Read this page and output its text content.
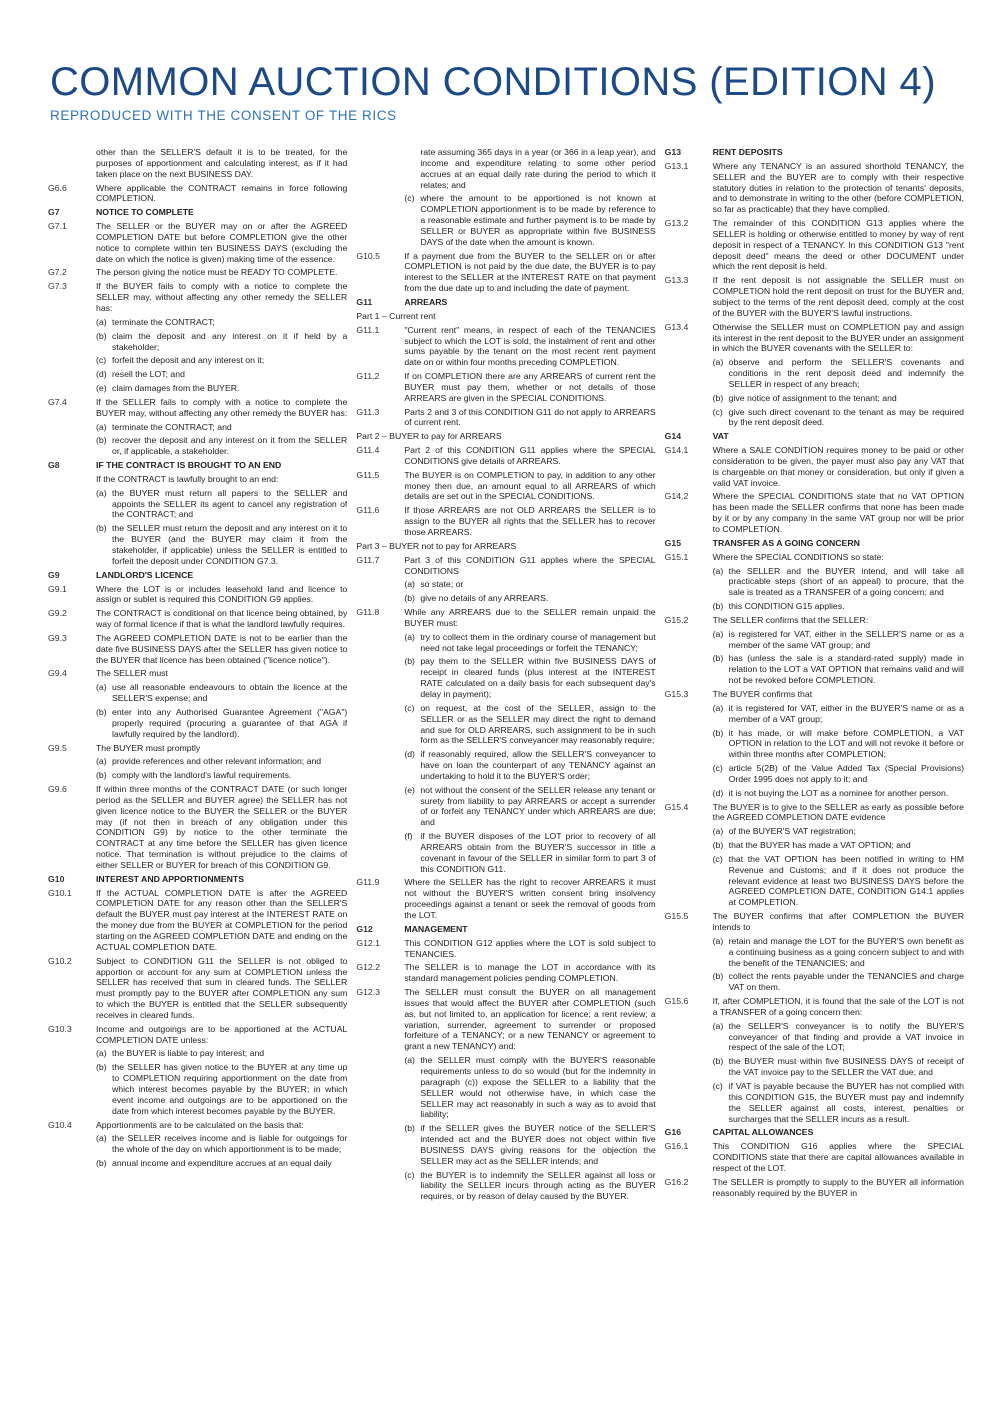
COMMON AUCTION CONDITIONS (EDITION 4)

REPRODUCED WITH THE CONSENT OF THE RICS

other than the SELLER'S default it is to be treated, for the purposes of apportionment and calculating interest, as if it had taken place on the next BUSINESS DAY.
G6.6	Where applicable the CONTRACT remains in force following COMPLETION.
G7	NOTICE TO COMPLETE
G7.1	The SELLER or the BUYER may on or after the AGREED COMPLETION DATE but before COMPLETION give the other notice to complete within ten BUSINESS DAYS (excluding the date on which the notice is given) making time of the essence.
G7.2	The person giving the notice must be READY TO COMPLETE.
G7.3	If the BUYER fails to comply with a notice to complete the SELLER may, without affecting any other remedy the SELLER has:
(a) terminate the CONTRACT;
(b) claim the deposit and any interest on it if held by a stakeholder;
(c) forfeit the deposit and any interest on it;
(d) resell the LOT; and
(e) claim damages from the BUYER.
G7.4	If the SELLER fails to comply with a notice to complete the BUYER may, without affecting any other remedy the BUYER has:
(a) terminate the CONTRACT; and
(b) recover the deposit and any interest on it from the SELLER or, if applicable, a stakeholder.
G8	IF THE CONTRACT IS BROUGHT TO AN END
If the CONTRACT is lawfully brought to an end:
(a) the BUYER must return all papers to the SELLER and appoints the SELLER its agent to cancel any registration of the CONTRACT; and
(b) the SELLER must return the deposit and any interest on it to the BUYER (and the BUYER may claim it from the stakeholder, if applicable) unless the SELLER is entitled to forfeit the deposit under CONDITION G7.3.
G9	LANDLORD'S LICENCE
G9.1	Where the LOT is or includes leasehold land and licence to assign or sublet is required this CONDITION G9 applies.
G9.2	The CONTRACT is conditional on that licence being obtained, by way of formal licence if that is what the landlord lawfully requires.
G9.3	The AGREED COMPLETION DATE is not to be earlier than the date five BUSINESS DAYS after the SELLER has given notice to the BUYER that licence has been obtained ("licence notice").
G9.4	The SELLER must
(a) use all reasonable endeavours to obtain the licence at the SELLER'S expense; and
(b) enter into any Authorised Guarantee Agreement ("AGA") properly required (procuring a guarantee of that AGA if lawfully required by the landlord).
G9.5	The BUYER must promptly
(a) provide references and other relevant information; and
(b) comply with the landlord's lawful requirements.
G9.6	If within three months of the CONTRACT DATE (or such longer period as the SELLER and BUYER agree) the SELLER has not given licence notice to the BUYER the SELLER or the BUYER may (if not then in breach of any obligation under this CONDITION G9) by notice to the other terminate the CONTRACT at any time before the SELLER has given licence notice. That termination is without prejudice to the claims of either SELLER or BUYER for breach of this CONDITION G9.
G10	INTEREST AND APPORTIONMENTS
G10.1	If the ACTUAL COMPLETION DATE is after the AGREED COMPLETION DATE for any reason other than the SELLER'S default the BUYER must pay interest at the INTEREST RATE on the money due from the BUYER at COMPLETION for the period starting on the AGREED COMPLETION DATE and ending on the ACTUAL COMPLETION DATE.
G10.2	Subject to CONDITION G11 the SELLER is not obliged to apportion or account for any sum at COMPLETION unless the SELLER has received that sum in cleared funds. The SELLER must promptly pay to the BUYER after COMPLETION any sum to which the BUYER is entitled that the SELLER subsequently receives in cleared funds.
G10.3	Income and outgoings are to be apportioned at the ACTUAL COMPLETION DATE unless:
(a) the BUYER is liable to pay interest; and
(b) the SELLER has given notice to the BUYER at any time up to COMPLETION requiring apportionment on the date from which interest becomes payable by the BUYER; in which event income and outgoings are to be apportioned on the date from which interest becomes payable by the BUYER.
G10.4	Apportionments are to be calculated on the basis that:
(a) the SELLER receives income and is liable for outgoings for the whole of the day on which apportionment is to be made;
(b) annual income and expenditure accrues at an equal daily
rate assuming 365 days in a year (or 366 in a leap year), and income and expenditure relating to some other period accrues at an equal daily rate during the period to which it relates; and
(c) where the amount to be apportioned is not known at COMPLETION apportionment is to be made by reference to a reasonable estimate and further payment is to be made by SELLER or BUYER as appropriate within five BUSINESS DAYS of the date when the amount is known.
G10.5	If a payment due from the BUYER to the SELLER on or after COMPLETION is not paid by the due date, the BUYER is to pay interest to the SELLER at the INTEREST RATE on that payment from the due date up to and including the date of payment.
G11	ARREARS
Part 1 – Current rent
G11.1	"Current rent" means, in respect of each of the TENANCIES subject to which the LOT is sold, the instalment of rent and other sums payable by the tenant on the most recent rent payment date on or within four months preceding COMPLETION.
G11.2	If on COMPLETION there are any ARREARS of current rent the BUYER must pay them, whether or not details of those ARREARS are given in the SPECIAL CONDITIONS.
G11.3	Parts 2 and 3 of this CONDITION G11 do not apply to ARREARS of current rent.
Part 2 – BUYER to pay for ARREARS
G11.4	Part 2 of this CONDITION G11 applies where the SPECIAL CONDITIONS give details of ARREARS.
G11.5	The BUYER is on COMPLETION to pay, in addition to any other money then due, an amount equal to all ARREARS of which details are set out in the SPECIAL CONDITIONS.
G11.6	If those ARREARS are not OLD ARREARS the SELLER is to assign to the BUYER all rights that the SELLER has to recover those ARREARS.
Part 3 – BUYER not to pay for ARREARS
G11.7	Part 3 of this CONDITION G11 applies where the SPECIAL CONDITIONS
(a) so state; or
(b) give no details of any ARREARS.
G11.8	While any ARREARS due to the SELLER remain unpaid the BUYER must:
(a) try to collect them in the ordinary course of management but need not take legal proceedings or forfeit the TENANCY;
(b) pay them to the SELLER within five BUSINESS DAYS of receipt in cleared funds (plus interest at the INTEREST RATE calculated on a daily basis for each subsequent day's delay in payment);
(c) on request, at the cost of the SELLER, assign to the SELLER or as the SELLER may direct the right to demand and sue for OLD ARREARS, such assignment to be in such form as the SELLER'S conveyancer may reasonably require;
(d) if reasonably required, allow the SELLER'S conveyancer to have on loan the counterpart of any TENANCY against an undertaking to hold it to the BUYER'S order;
(e) not without the consent of the SELLER release any tenant or surety from liability to pay ARREARS or accept a surrender of or forfeit any TENANCY under which ARREARS are due; and
(f) if the BUYER disposes of the LOT prior to recovery of all ARREARS obtain from the BUYER'S successor in title a covenant in favour of the SELLER in similar form to part 3 of this CONDITION G11.
G11.9	Where the SELLER has the right to recover ARREARS it must not without the BUYER'S written consent bring insolvency proceedings against a tenant or seek the removal of goods from the LOT.
G12	MANAGEMENT
G12.1	This CONDITION G12 applies where the LOT is sold subject to TENANCIES.
G12.2	The SELLER is to manage the LOT in accordance with its standard management policies pending COMPLETION.
G12.3	The SELLER must consult the BUYER on all management issues that would affect the BUYER after COMPLETION (such as, but not limited to, an application for licence; a rent review; a variation, surrender, agreement to surrender or proposed forfeiture of a TENANCY; or a new TENANCY or agreement to grant a new TENANCY) and:
(a) the SELLER must comply with the BUYER'S reasonable requirements unless to do so would (but for the indemnity in paragraph (c)) expose the SELLER to a liability that the SELLER would not otherwise have, in which case the SELLER may act reasonably in such a way as to avoid that liability;
(b) if the SELLER gives the BUYER notice of the SELLER'S intended act and the BUYER does not object within five BUSINESS DAYS giving reasons for the objection the SELLER may act as the SELLER intends; and
(c) the BUYER is to indemnify the SELLER against all loss or liability the SELLER incurs through acting as the BUYER requires, or by reason of delay caused by the BUYER.
G13	RENT DEPOSITS
G13.1	Where any TENANCY is an assured shorthold TENANCY, the SELLER and the BUYER are to comply with their respective statutory duties in relation to the protection of tenants' deposits, and to demonstrate in writing to the other (before COMPLETION, so far as practicable) that they have complied.
G13.2	The remainder of this CONDITION G13 applies where the SELLER is holding or otherwise entitled to money by way of rent deposit in respect of a TENANCY. In this CONDITION G13 "rent deposit deed" means the deed or other DOCUMENT under which the rent deposit is held.
G13.3	If the rent deposit is not assignable the SELLER must on COMPLETION hold the rent deposit on trust for the BUYER and, subject to the terms of the rent deposit deed, comply at the cost of the BUYER with the BUYER'S lawful instructions.
G13.4	Otherwise the SELLER must on COMPLETION pay and assign its interest in the rent deposit to the BUYER under an assignment in which the BUYER covenants with the SELLER to:
(a) observe and perform the SELLER'S covenants and conditions in the rent deposit deed and indemnify the SELLER in respect of any breach;
(b) give notice of assignment to the tenant; and
(c) give such direct covenant to the tenant as may be required by the rent deposit deed.
G14	VAT
G14.1	Where a SALE CONDITION requires money to be paid or other consideration to be given, the payer must also pay any VAT that is chargeable on that money or consideration, but only if given a valid VAT invoice.
G14.2	Where the SPECIAL CONDITIONS state that no VAT OPTION has been made the SELLER confirms that none has been made by it or by any company in the same VAT group nor will be prior to COMPLETION.
G15	TRANSFER AS A GOING CONCERN
G15.1	Where the SPECIAL CONDITIONS so state:
(a) the SELLER and the BUYER intend, and will take all practicable steps (short of an appeal) to procure, that the sale is treated as a TRANSFER of a going concern; and
(b) this CONDITION G15 applies.
G15.2	The SELLER confirms that the SELLER:
(a) is registered for VAT, either in the SELLER'S name or as a member of the same VAT group; and
(b) has (unless the sale is a standard-rated supply) made in relation to the LOT a VAT OPTION that remains valid and will not be revoked before COMPLETION.
G15.3	The BUYER confirms that
(a) it is registered for VAT, either in the BUYER'S name or as a member of a VAT group;
(b) it has made, or will make before COMPLETION, a VAT OPTION in relation to the LOT and will not revoke it before or within three months after COMPLETION;
(c) article 5(2B) of the Value Added Tax (Special Provisions) Order 1995 does not apply to it; and
(d) it is not buying the LOT as a nominee for another person.
G15.4	The BUYER is to give to the SELLER as early as possible before the AGREED COMPLETION DATE evidence
(a) of the BUYER'S VAT registration;
(b) that the BUYER has made a VAT OPTION; and
(c) that the VAT OPTION has been notified in writing to HM Revenue and Customs; and if it does not produce the relevant evidence at least two BUSINESS DAYS before the AGREED COMPLETION DATE, CONDITION G14.1 applies at COMPLETION.
G15.5	The BUYER confirms that after COMPLETION the BUYER intends to
(a) retain and manage the LOT for the BUYER'S own benefit as a continuing business as a going concern subject to and with the benefit of the TENANCIES; and
(b) collect the rents payable under the TENANCIES and charge VAT on them.
G15.6	If, after COMPLETION, it is found that the sale of the LOT is not a TRANSFER of a going concern then:
(a) the SELLER'S conveyancer is to notify the BUYER'S conveyancer of that finding and provide a VAT invoice in respect of the sale of the LOT;
(b) the BUYER must within five BUSINESS DAYS of receipt of the VAT invoice pay to the SELLER the VAT due; and
(c) if VAT is payable because the BUYER has not complied with this CONDITION G15, the BUYER must pay and indemnify the SELLER against all costs, interest, penalties or surcharges that the SELLER incurs as a result.
G16	CAPITAL ALLOWANCES
G16.1	This CONDITION G16 applies where the SPECIAL CONDITIONS state that there are capital allowances available in respect of the LOT.
G16.2	The SELLER is promptly to supply to the BUYER all information reasonably required by the BUYER in
